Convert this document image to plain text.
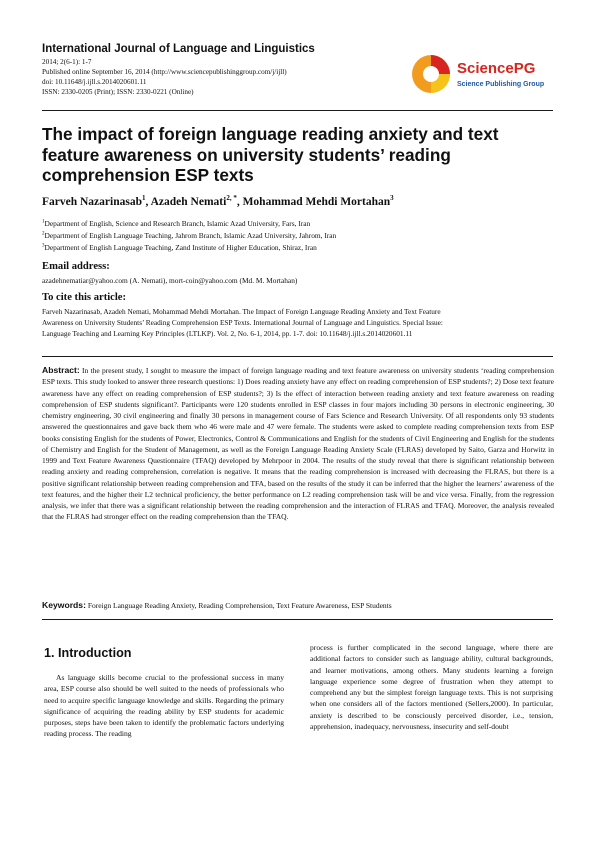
International Journal of Language and Linguistics
2014; 2(6-1): 1-7
Published online September 16, 2014 (http://www.sciencepublishinggroup.com/j/ijll)
doi: 10.11648/j.ijll.s.2014020601.11
ISSN: 2330-0205 (Print); ISSN: 2330-0221 (Online)
SciencePG
Science Publishing Group
The impact of foreign language reading anxiety and text
feature awareness on university students’ reading
comprehension ESP texts
Farveh Nazarinasab$^1$, Azadeh Nemati$^{2, *}$, Mohammad Mehdi Mortahan$^3$
$^1$Department of English, Science and Research Branch, Islamic Azad University, Fars, Iran
$^2$Department of English Language Teaching, Jahrom Branch, Islamic Azad University, Jahrom, Iran
$^3$Department of English Language Teaching, Zand Institute of Higher Education, Shiraz, Iran
Email address:
azadehnematiar@yahoo.com (A. Nemati), mort-coin@yahoo.com (Md. M. Mortahan)
To cite this article:
Farveh Nazarinasab, Azadeh Nemati, Mohammad Mehdi Mortahan. The Impact of Foreign Language Reading Anxiety and Text Feature
Awareness on University Students’ Reading Comprehension ESP Texts. International Journal of Language and Linguistics. Special Issue:
Language Teaching and Learning Key Principles (LTLKP). Vol. 2, No. 6-1, 2014, pp. 1-7. doi: 10.11648/j.ijll.s.2014020601.11
Abstract: In the present study, I sought to measure the impact of foreign language reading and text feature awareness on university students ‘reading comprehension ESP texts. This study looked to answer three research questions: 1) Does reading anxiety have any effect on reading comprehension of ESP students?; 2) Dose text feature awareness have any effect on reading comprehension of ESP students?; 3) Is the effect of interaction between reading anxiety and text feature awareness on reading comprehension of ESP students significant?. Participants were 120 students enrolled in ESP classes in four majors including 30 persons in electronic engineering, 30 chemistry engineering, 30 civil engineering and finally 30 persons in management course of Fars Science and Research University. Of all respondents only 93 students answered the questionnaires and gave back them who 46 were male and 47 were female. The students were asked to complete reading comprehension texts from ESP books consisting English for the students of Power, Electronics, Control & Communications and English for the students of Civil Engineering and English for the students of Chemistry and English for the Student of Management, as well as the Foreign Language Reading Anxiety Scale (FLRAS) developed by Saito, Garza and Horwitz in 1999 and Text Feature Awareness Questionnaire (TFAQ) developed by Mehrpoor in 2004. The results of the study reveal that there is significant relationship between reading anxiety and reading comprehension, correlation is negative. It means that the reading comprehension is increased with decreasing the FLRAS, but there is a positive significant relationship between reading comprehension and TFA, based on the results of the study it can be inferred that the higher the learners’ awareness of the text features, and the higher their L2 technical proficiency, the better performance on L2 reading comprehension task will be and vice versa. Finally, from the regression analysis, we infer that there was a significant relationship between the reading comprehension and the interaction of FLRAS and TFAQ. Moreover, the analysis revealed that the FLRAS had stronger effect on the reading comprehension than the TFAQ.
Keywords: Foreign Language Reading Anxiety, Reading Comprehension, Text Feature Awareness, ESP Students
1. Introduction
As language skills become crucial to the professional success in many area, ESP course also should be well suited to the needs of professionals who need to acquire specific language knowledge and skills. Regarding the primary significance of acquiring the reading ability by ESP students for academic purposes, steps have been taken to identify the problematic factors underlying reading process. The reading
process is further complicated in the second language, where there are additional factors to consider such as language ability, cultural backgrounds, and learner motivations, among others. Many students learning a foreign language experience some degree of frustration when they attempt to comprehend any but the simplest foreign language texts. This is not surprising when one considers all of the factors mentioned (Sellers,2000). In particular, anxiety is described to be consciously perceived disorder, i.e., tension, apprehension, inadequacy, nervousness, insecurity and self-doubt
